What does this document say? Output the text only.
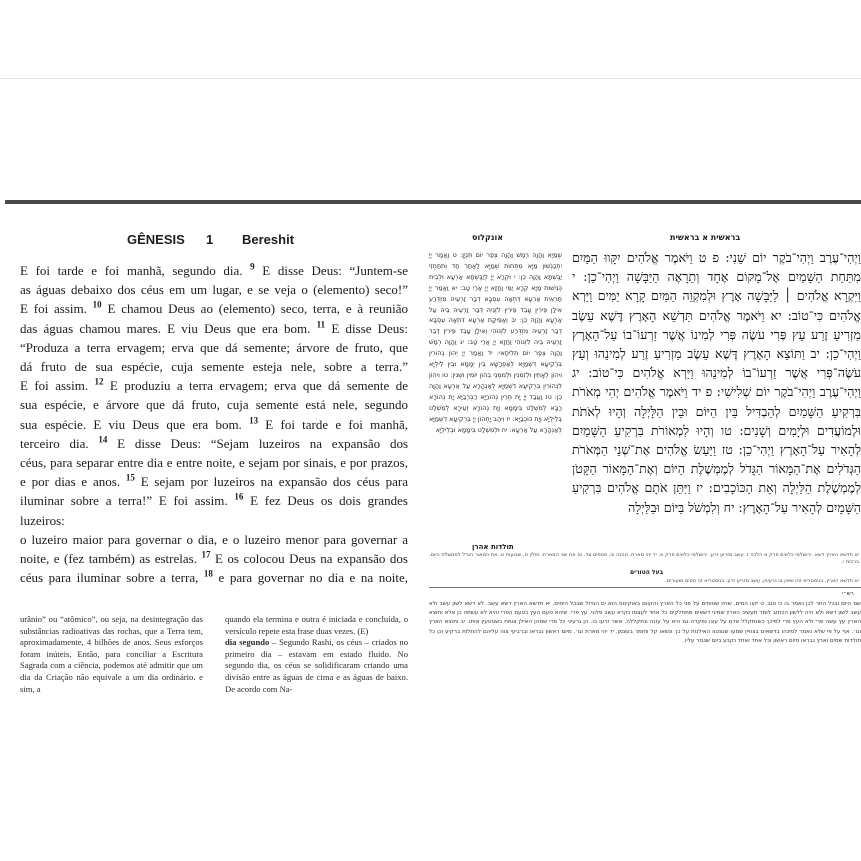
GÊNESIS 1 Bereshit

E foi tarde e foi manhã, segundo dia. $^9$ E disse Deus: “Juntem-se

as águas debaixo dos céus em um lugar, e se veja o (elemento) seco!”

E foi assim. $^{10}$ E chamou Deus ao (elemento) seco, terra, e à reunião

das águas chamou mares. E viu Deus que era bom. $^{11}$ E disse Deus:

“Produza a terra ervagem; erva que dá semente; árvore de fruto, que

dá fruto de sua espécie, cuja semente esteja nele, sobre a terra.”

E foi assim. $^{12}$ E produziu a terra ervagem; erva que dá semente de

sua espécie, e árvore que dá fruto, cuja semente está nele, segundo

sua espécie. E viu Deus que era bom. $^{13}$ E foi tarde e foi manhã,

terceiro dia. $^{14}$ E disse Deus: “Sejam luzeiros na expansão dos

céus, para separar entre dia e entre noite, e sejam por sinais, e por prazos,

e por dias e anos. $^{15}$ E sejam por luzeiros na expansão dos céus para

iluminar sobre a terra!” E foi assim. $^{16}$ E fez Deus os dois grandes luzeiros:

o luzeiro maior para governar o dia, e o luzeiro menor para governar a

noite, e (fez também) as estrelas. $^{17}$ E os colocou Deus na expansão dos

céus para iluminar sobre a terra, $^{18}$ e para governar no dia e na noite,

urânio” ou “atômico”, ou seja, na desintegração das substâncias radioativas das rochas, que a Terra tem, aproximadamente, 4 bilhões de anos. Seus esforços foram inúteis. Então, para conciliar a Escritura Sagrada com a ciência, podemos até admitir que um dia da Criação não equivale a um dia ordinário. e sim, a
quando ela termina e outra é iniciada e concluída, o versículo repete esta frase duas vezes. (E)
dia segundo – Segundo Rashi, os céus – criados no primeiro dia – estavam em estado fluido. No segundo dia, os céus se solidificaram criando uma divisão entre as águas de cima e as águas de baixo. De acordo com Na-
אונקלוס	בראשית א בראשית
שְׁמַיָּא וַהֲוָה רְמַשׁ וַהֲוָה צְפַר יוֹם תִּנְיָן: ט וַאֲמַר יְיָ יִתְכַּנְשׁוּן מַיָּא מִתְּחוֹת שְׁמַיָּא לַאֲתַר חַד וְתִתַּחְזֵי יַבֶּשְׁתָּא וַהֲוָה כֵן: י וּקְרָא יְיָ לְיַבֶּשְׁתָּא אַרְעָא וּלְבֵית כְּנִישׁוּת מַיָּא קְרָא יַמֵּי וַחֲזָא יְיָ אֲרֵי טָב: יא וַאֲמַר יְיָ תַּרְאֵית אַרְעָא דִּתְאָה עִסְבָּא דְבַר זַרְעֵיהּ מִזְדְּרַע אִילָן פֵּירִין עָבֵד פֵּירִין לִזְנֵיהּ דְּבַר זַרְעֵיהּ בֵּיהּ עַל אַרְעָא וַהֲוָה כֵן: יב וְאַפֵּיקַת אַרְעָא דִּתְאָה עִסְבָּא דְבַר זַרְעֵיהּ מִזְדְּרַע לִזְנוֹהִי וְאִילָן עָבֵד פֵּירִין דְּבַר זַרְעֵיהּ בֵּיהּ לִזְנוֹהִי וַחֲזָא יְיָ אֲרֵי טָב: יג וַהֲוָה רְמַשׁ וַהֲוָה צְפַר יוֹם תְּלִיתָאי: יד וַאֲמַר יְיָ יְהוֹן נְהוֹרִין בִּרְקִיעָא דִשְׁמַיָּא לְאַפְרָשָׁא בֵּין יְמָמָא וּבֵין לֵילְיָא וִיהוֹן לְאָתִין וּלְזִמְנִין וּלְמִמְנֵי בְהוֹן יוֹמִין וּשְׁנִין: טו וִיהוֹן לִנְהוֹרִין בִּרְקִיעָא דִשְׁמַיָּא לְאַנְהָרָא עַל אַרְעָא וַהֲוָה כֵן: טז וַעֲבַד יְיָ יָת תְּרֵין נְהוֹרַיָּא רַבְרְבַיָּא יָת נְהוֹרָא רַבָּא לְמִשְׁלַט בִּימָמָא וְיָת נְהוֹרָא זְעֵירָא לְמִשְׁלַט בְּלֵילְיָא וְיָת כּוֹכְבַיָּא: יז וִיהַב יָתְהוֹן יְיָ בִּרְקִיעָא דִשְׁמַיָּא לְאַנְהָרָא עַל אַרְעָא: יח וּלְמִשְׁלַט בִּימָמָא וּבְלֵילְיָא
וַיְהִי־עֶרֶב וַיְהִי־בֹקֶר יוֹם שֵׁנִי: פ ט וַיֹּאמֶר אֱלֹהִים יִקָּווּ הַמַּיִם מִתַּחַת הַשָּׁמַיִם אֶל־מָקוֹם אֶחָד וְתֵרָאֶה הַיַּבָּשָׁה וַיְהִי־כֵן: י וַיִּקְרָא אֱלֹהִים ׀ לַיַּבָּשָׁה אֶרֶץ וּלְמִקְוֵה הַמַּיִם קָרָא יַמִּים וַיַּרְא אֱלֹהִים כִּי־טוֹב: יא וַיֹּאמֶר אֱלֹהִים תַּדְשֵׁא הָאָרֶץ דֶּשֶׁא עֵשֶׂב מַזְרִיעַ זֶרַע עֵץ פְּרִי עֹשֶׂה פְּרִי לְמִינוֹ אֲשֶׁר זַרְעוֹ־בוֹ עַל־הָאָרֶץ וַיְהִי־כֵן: יב וַתּוֹצֵא הָאָרֶץ דֶּשֶׁא עֵשֶׂב מַזְרִיעַ זֶרַע לְמִינֵהוּ וְעֵץ עֹשֶׂה־פְּרִי אֲשֶׁר זַרְעוֹ־בוֹ לְמִינֵהוּ וַיַּרְא אֱלֹהִים כִּי־טוֹב: יג וַיְהִי־עֶרֶב וַיְהִי־בֹקֶר יוֹם שְׁלִישִׁי: פ יד וַיֹּאמֶר אֱלֹהִים יְהִי מְאֹרֹת בִּרְקִיעַ הַשָּׁמַיִם לְהַבְדִּיל בֵּין הַיּוֹם וּבֵין הַלָּיְלָה וְהָיוּ לְאֹתֹת וּלְמוֹעֲדִים וּלְיָמִים וְשָׁנִים: טו וְהָיוּ לִמְאוֹרֹת בִּרְקִיעַ הַשָּׁמַיִם לְהָאִיר עַל־הָאָרֶץ וַיְהִי־כֵן: טז וַיַּעַשׂ אֱלֹהִים אֶת־שְׁנֵי הַמְּאֹרֹת הַגְּדֹלִים אֶת־הַמָּאוֹר הַגָּדֹל לְמֶמְשֶׁלֶת הַיּוֹם וְאֶת־הַמָּאוֹר הַקָּטֹן לְמֶמְשֶׁלֶת הַלַּיְלָה וְאֵת הַכּוֹכָבִים: יז וַיִּתֵּן אֹתָם אֱלֹהִים בִּרְקִיעַ הַשָּׁמָיִם לְהָאִיר עַל־הָאָרֶץ: יח וְלִמְשֹׁל בַּיּוֹם וּבַלַּיְלָה
תולדות אהרן
יא תדשא הארץ דשא. ירושלמי כלאים פרק א הלכה ז. עשב מזריע זרע. ירושלמי כלאים פרק א. יד יהי מארת. חגיגה יב, פסחים צד. טז את שני המארת. חולין ס, שבועות ט. את המאור הגדל לממשלת היום. ברכות י.
בעל הטורים
יא תדשא הארץ. בגימטריא זהו שאין בו גרעינין. עשב מזריע זרע. בגימטריא זה חטים ושעורים.
רש״י
שם היום ובכל התר לכן נאמר בו כי טוב. ט יקוו המים. שהיו שטוחים על פני כל הארץ והקוום באוקינוס הוא ים הגדול שבכל הימים. יא תדשא הארץ דשא עשב. לא דשא לשון עשב ולא עשב לשון דשא ולא היה ללשון הכתוב לומר תעשיב הארץ שמיני דשאים מתחלקים כל אחד לעצמו נקרא עשב פלוני. עץ פרי. שיהא טעם העץ כטעם הפרי והיא לא עשתה כן אלא ותוצא הארץ עץ עשה פרי ולא העץ פרי לפיכך כשנתקלל אדם על עונו נפקדה גם היא על עונה ונתקללה. אשר זרעו בו. הן גרעיני כל פרי שמהן האילן צומח כשנוטעין אותו. יב ותוצא הארץ וגו׳. אף על פי שלא נאמר למינהו בדשאים בצוויין שמעו שנצטוו האילנות על כך ונשאו קל וחומר בעצמן. יד יהי מארת וגו׳. מיום ראשון נבראו וברביעי צוה עליהם להתלות ברקיע וכן כל תולדות שמים וארץ נבראו מיום ראשון וכל אחד ואחד נקבע ביום שנגזר עליו.
